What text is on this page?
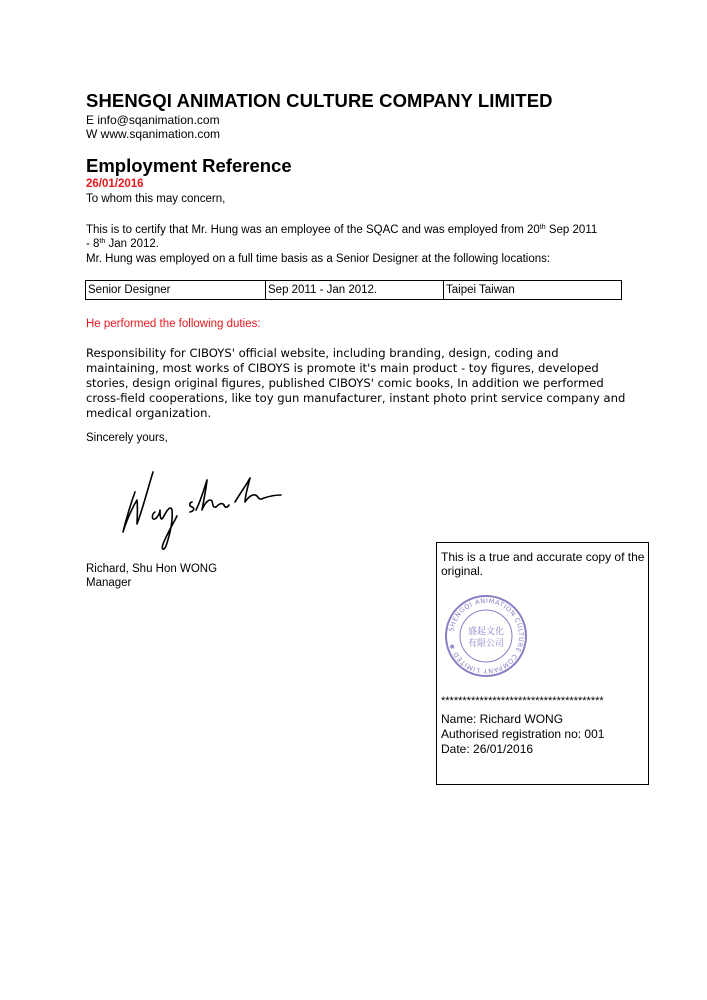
SHENGQI ANIMATION CULTURE COMPANY LIMITED
E info@sqanimation.com
W www.sqanimation.com
Employment Reference
26/01/2016
To whom this may concern,
This is to certify that Mr. Hung was an employee of the SQAC and was employed from 20th Sep 2011
- 8th Jan 2012.
Mr. Hung was employed on a full time basis as a Senior Designer at the following locations:
Senior Designer	Sep 2011 - Jan 2012.	Taipei Taiwan
He performed the following duties:
Responsibility for CIBOYS' official website, including branding, design, coding and maintaining, most works of CIBOYS is promote it's main product - toy figures, developed stories, design original figures, published CIBOYS' comic books, In addition we performed cross-field cooperations, like toy gun manufacturer, instant photo print service company and medical organization.
Sincerely yours,
Richard, Shu Hon WONG
Manager
This is a true and accurate copy of the original.
SHENGQI ANIMATION CULTURE COMPANY LIMITED ✱
盛起文化
有限公司
**************************************
Name: Richard WONG
Authorised registration no: 001
Date: 26/01/2016
